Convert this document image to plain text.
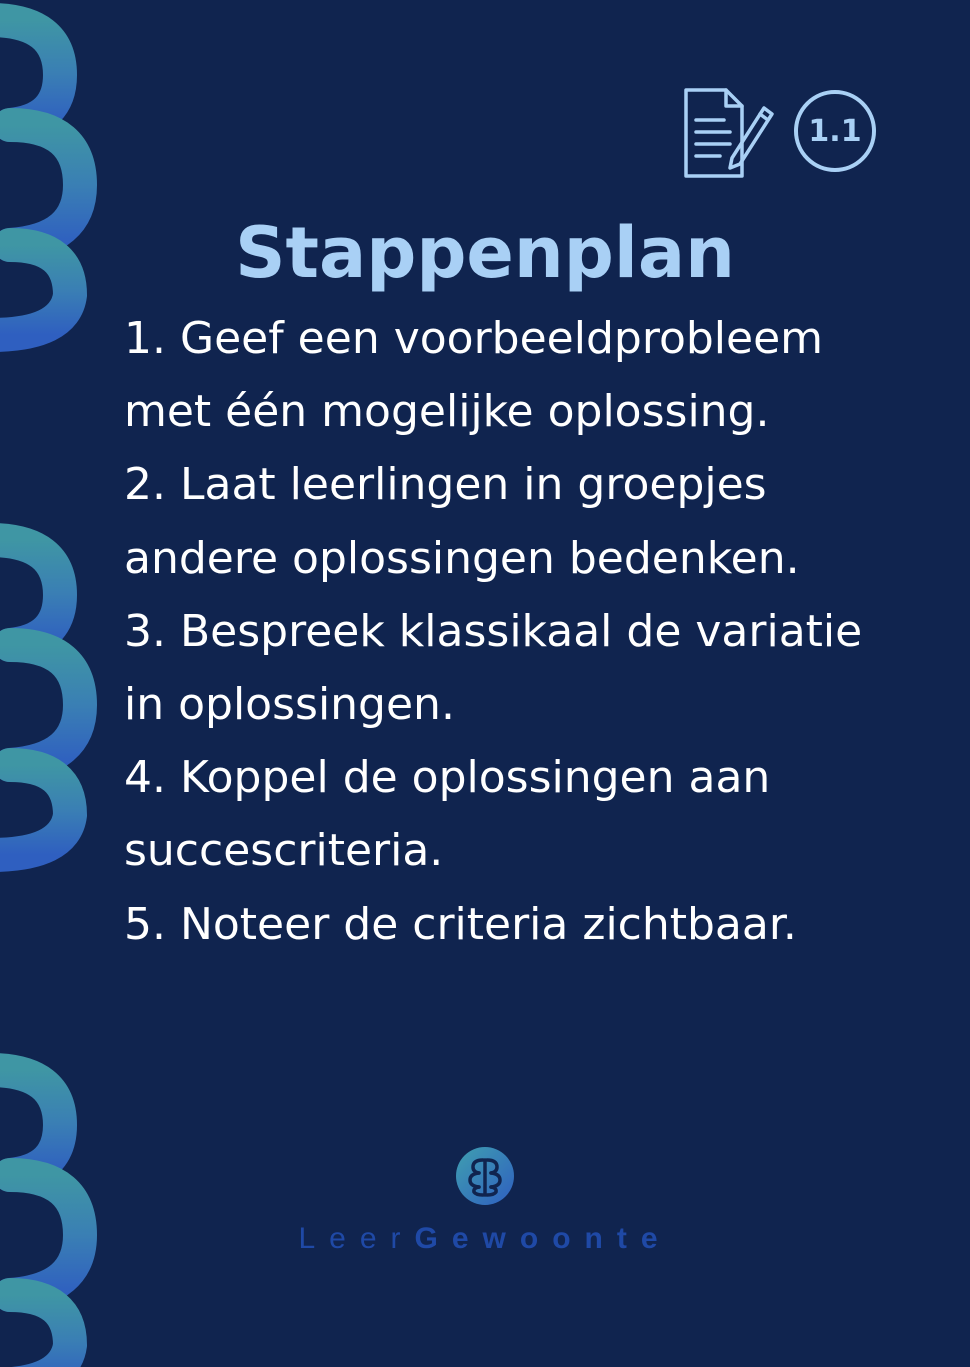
1.1
Stappenplan
1. Geef een voorbeeldprobleem met één mogelijke oplossing.
2. Laat leerlingen in groepjes andere oplossingen bedenken.
3. Bespreek klassikaal de variatie in oplossingen.
4. Koppel de oplossingen aan succescriteria.
5. Noteer de criteria zichtbaar.
LeerGewoonte
